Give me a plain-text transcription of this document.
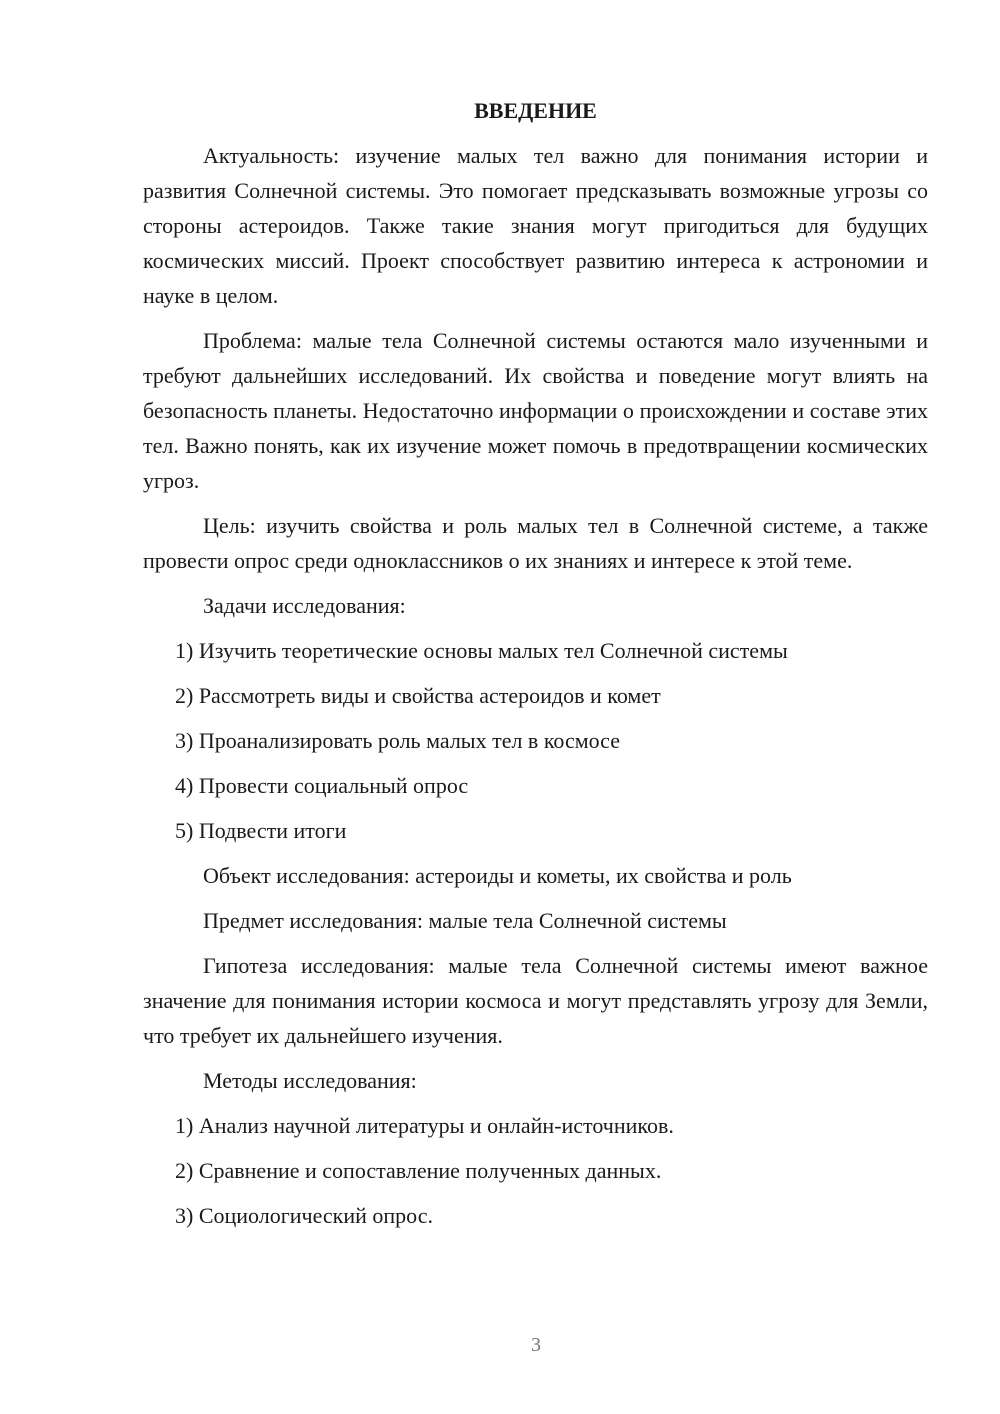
ВВЕДЕНИЕ
Актуальность: изучение малых тел важно для понимания истории и развития Солнечной системы. Это помогает предсказывать возможные угрозы со стороны астероидов. Также такие знания могут пригодиться для будущих космических миссий. Проект способствует развитию интереса к астрономии и науке в целом.
Проблема: малые тела Солнечной системы остаются мало изученными и требуют дальнейших исследований. Их свойства и поведение могут влиять на безопасность планеты. Недостаточно информации о происхождении и составе этих тел. Важно понять, как их изучение может помочь в предотвращении космических угроз.
Цель: изучить свойства и роль малых тел в Солнечной системе, а также провести опрос среди одноклассников о их знаниях и интересе к этой теме.
Задачи исследования:
1) Изучить теоретические основы малых тел Солнечной системы
2) Рассмотреть виды и свойства астероидов и комет
3) Проанализировать роль малых тел в космосе
4) Провести социальный опрос
5) Подвести итоги
Объект исследования: астероиды и кометы, их свойства и роль
Предмет исследования: малые тела Солнечной системы
Гипотеза исследования: малые тела Солнечной системы имеют важное значение для понимания истории космоса и могут представлять угрозу для Земли, что требует их дальнейшего изучения.
Методы исследования:
1) Анализ научной литературы и онлайн-источников.
2) Сравнение и сопоставление полученных данных.
3) Социологический опрос.
3
